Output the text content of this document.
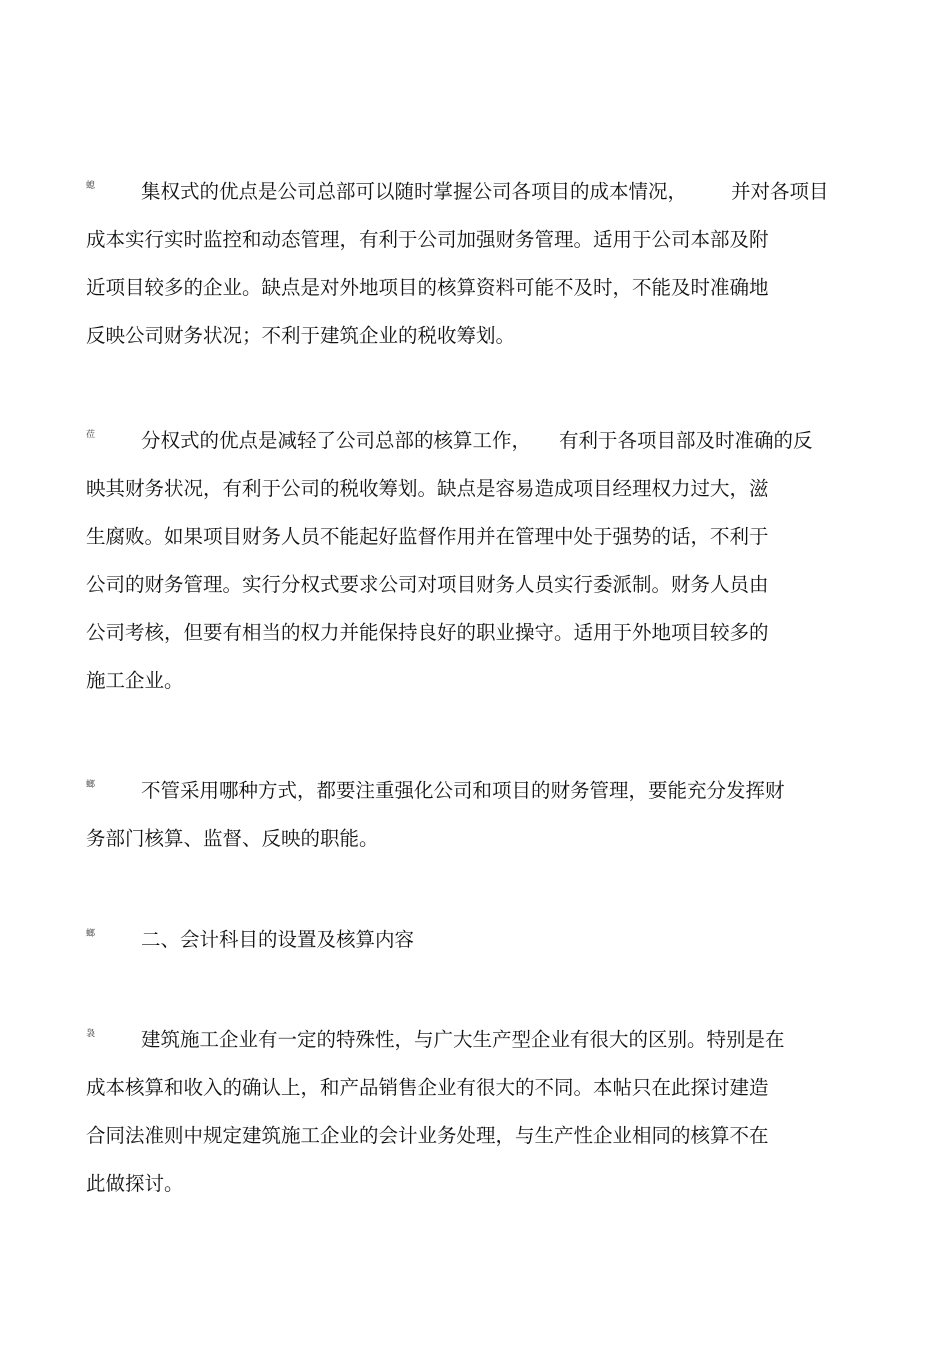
螅	集权式的优点是公司总部可以随时掌握公司各项目的成本情况， 并对各项目
成本实行实时监控和动态管理，有利于公司加强财务管理。适用于公司本部及附
近项目较多的企业。缺点是对外地项目的核算资料可能不及时，不能及时准确地
反映公司财务状况；不利于建筑企业的税收筹划。
莅	分权式的优点是减轻了公司总部的核算工作， 有利于各项目部及时准确的反
映其财务状况，有利于公司的税收筹划。缺点是容易造成项目经理权力过大，滋
生腐败。如果项目财务人员不能起好监督作用并在管理中处于强势的话，不利于
公司的财务管理。实行分权式要求公司对项目财务人员实行委派制。财务人员由
公司考核，但要有相当的权力并能保持良好的职业操守。适用于外地项目较多的
施工企业。
螂	不管采用哪种方式，都要注重强化公司和项目的财务管理，要能充分发挥财
务部门核算、监督、反映的职能。
螂	二、会计科目的设置及核算内容
袅	建筑施工企业有一定的特殊性，与广大生产型企业有很大的区别。特别是在
成本核算和收入的确认上，和产品销售企业有很大的不同。本帖只在此探讨建造
合同法准则中规定建筑施工企业的会计业务处理，与生产性企业相同的核算不在
此做探讨。
